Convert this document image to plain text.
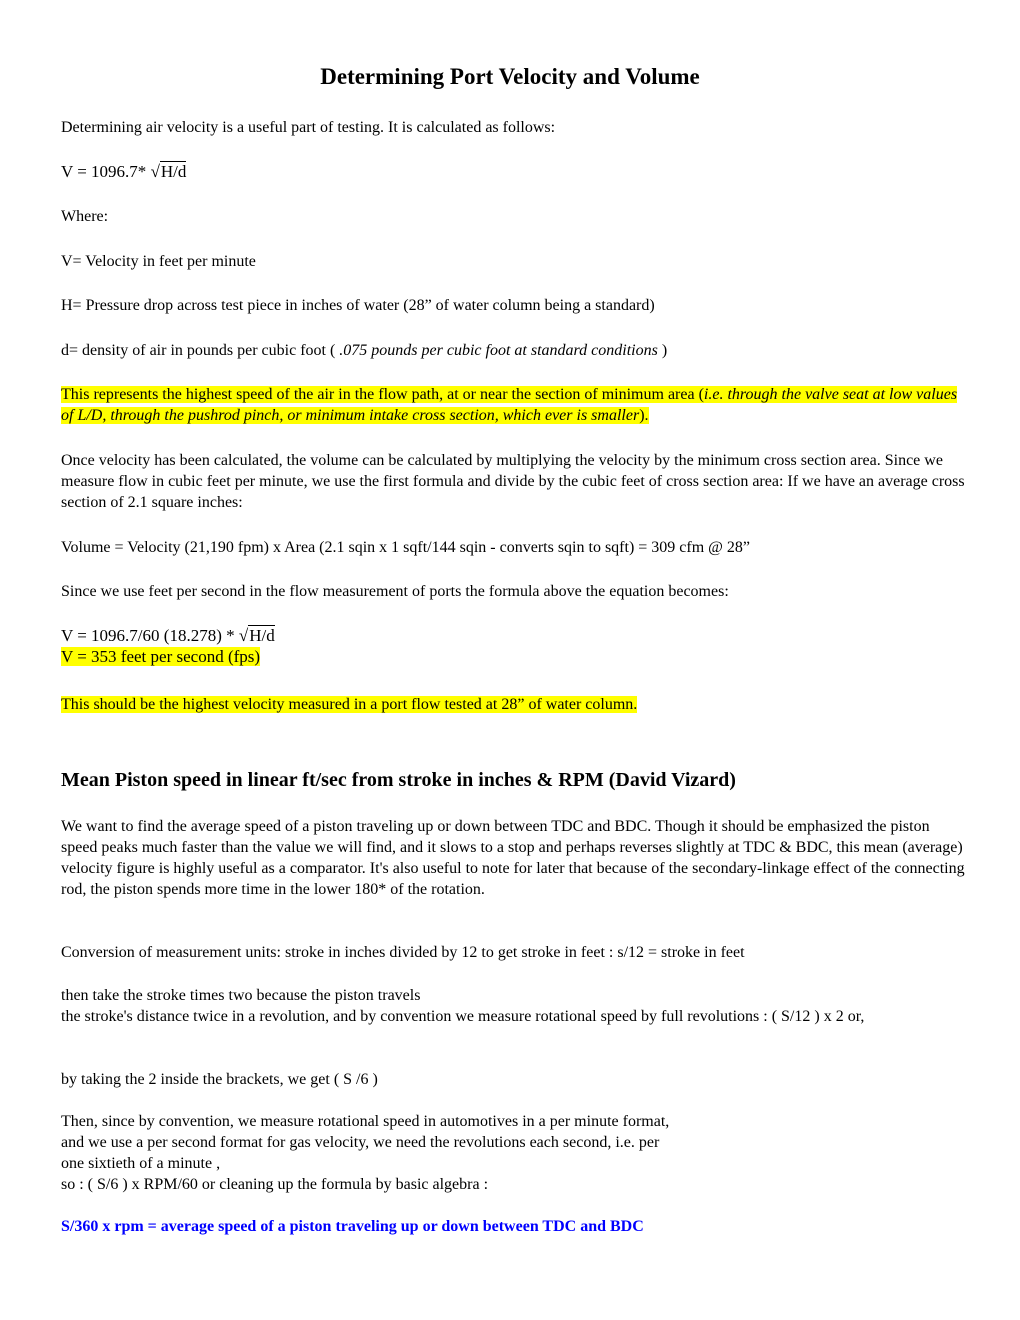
Determining Port Velocity and Volume

Determining air velocity is a useful part of testing. It is calculated as follows:

V = 1096.7* √H/d

Where:

V= Velocity in feet per minute

H= Pressure drop across test piece in inches of water (28” of water column being a standard)

d= density of air in pounds per cubic foot ( .075 pounds per cubic foot at standard conditions )

This represents the highest speed of the air in the flow path, at or near the section of minimum area (i.e. through the valve seat at low values of L/D, through the pushrod pinch, or minimum intake cross section, which ever is smaller).

Once velocity has been calculated, the volume can be calculated by multiplying the velocity by the minimum cross section area. Since we measure flow in cubic feet per minute, we use the first formula and divide by the cubic feet of cross section area: If we have an average cross section of 2.1 square inches:

Volume = Velocity (21,190 fpm) x Area (2.1 sqin x 1 sqft/144 sqin - converts sqin to sqft) = 309 cfm @ 28”

Since we use feet per second in the flow measurement of ports the formula above the equation becomes:

V = 1096.7/60 (18.278) * √H/d
V = 353 feet per second (fps)

This should be the highest velocity measured in a port flow tested at 28” of water column.

Mean Piston speed in linear ft/sec from stroke in inches & RPM (David Vizard)

We want to find the average speed of a piston traveling up or down between TDC and BDC. Though it should be emphasized the piston speed peaks much faster than the value we will find, and it slows to a stop and perhaps reverses slightly at TDC & BDC, this mean (average) velocity figure is highly useful as a comparator. It's also useful to note for later that because of the secondary-linkage effect of the connecting rod, the piston spends more time in the lower 180* of the rotation.

Conversion of measurement units: stroke in inches divided by 12 to get stroke in feet : s/12 = stroke in feet

then take the stroke times two because the piston travels
the stroke's distance twice in a revolution, and by convention we measure rotational speed by full revolutions : ( S/12 ) x 2 or,

by taking the 2 inside the brackets, we get ( S /6 )

Then, since by convention, we measure rotational speed in automotives in a per minute format,
and we use a per second format for gas velocity, we need the revolutions each second, i.e. per
one sixtieth of a minute ,
so : ( S/6 ) x RPM/60 or cleaning up the formula by basic algebra :

S/360 x rpm = average speed of a piston traveling up or down between TDC and BDC
